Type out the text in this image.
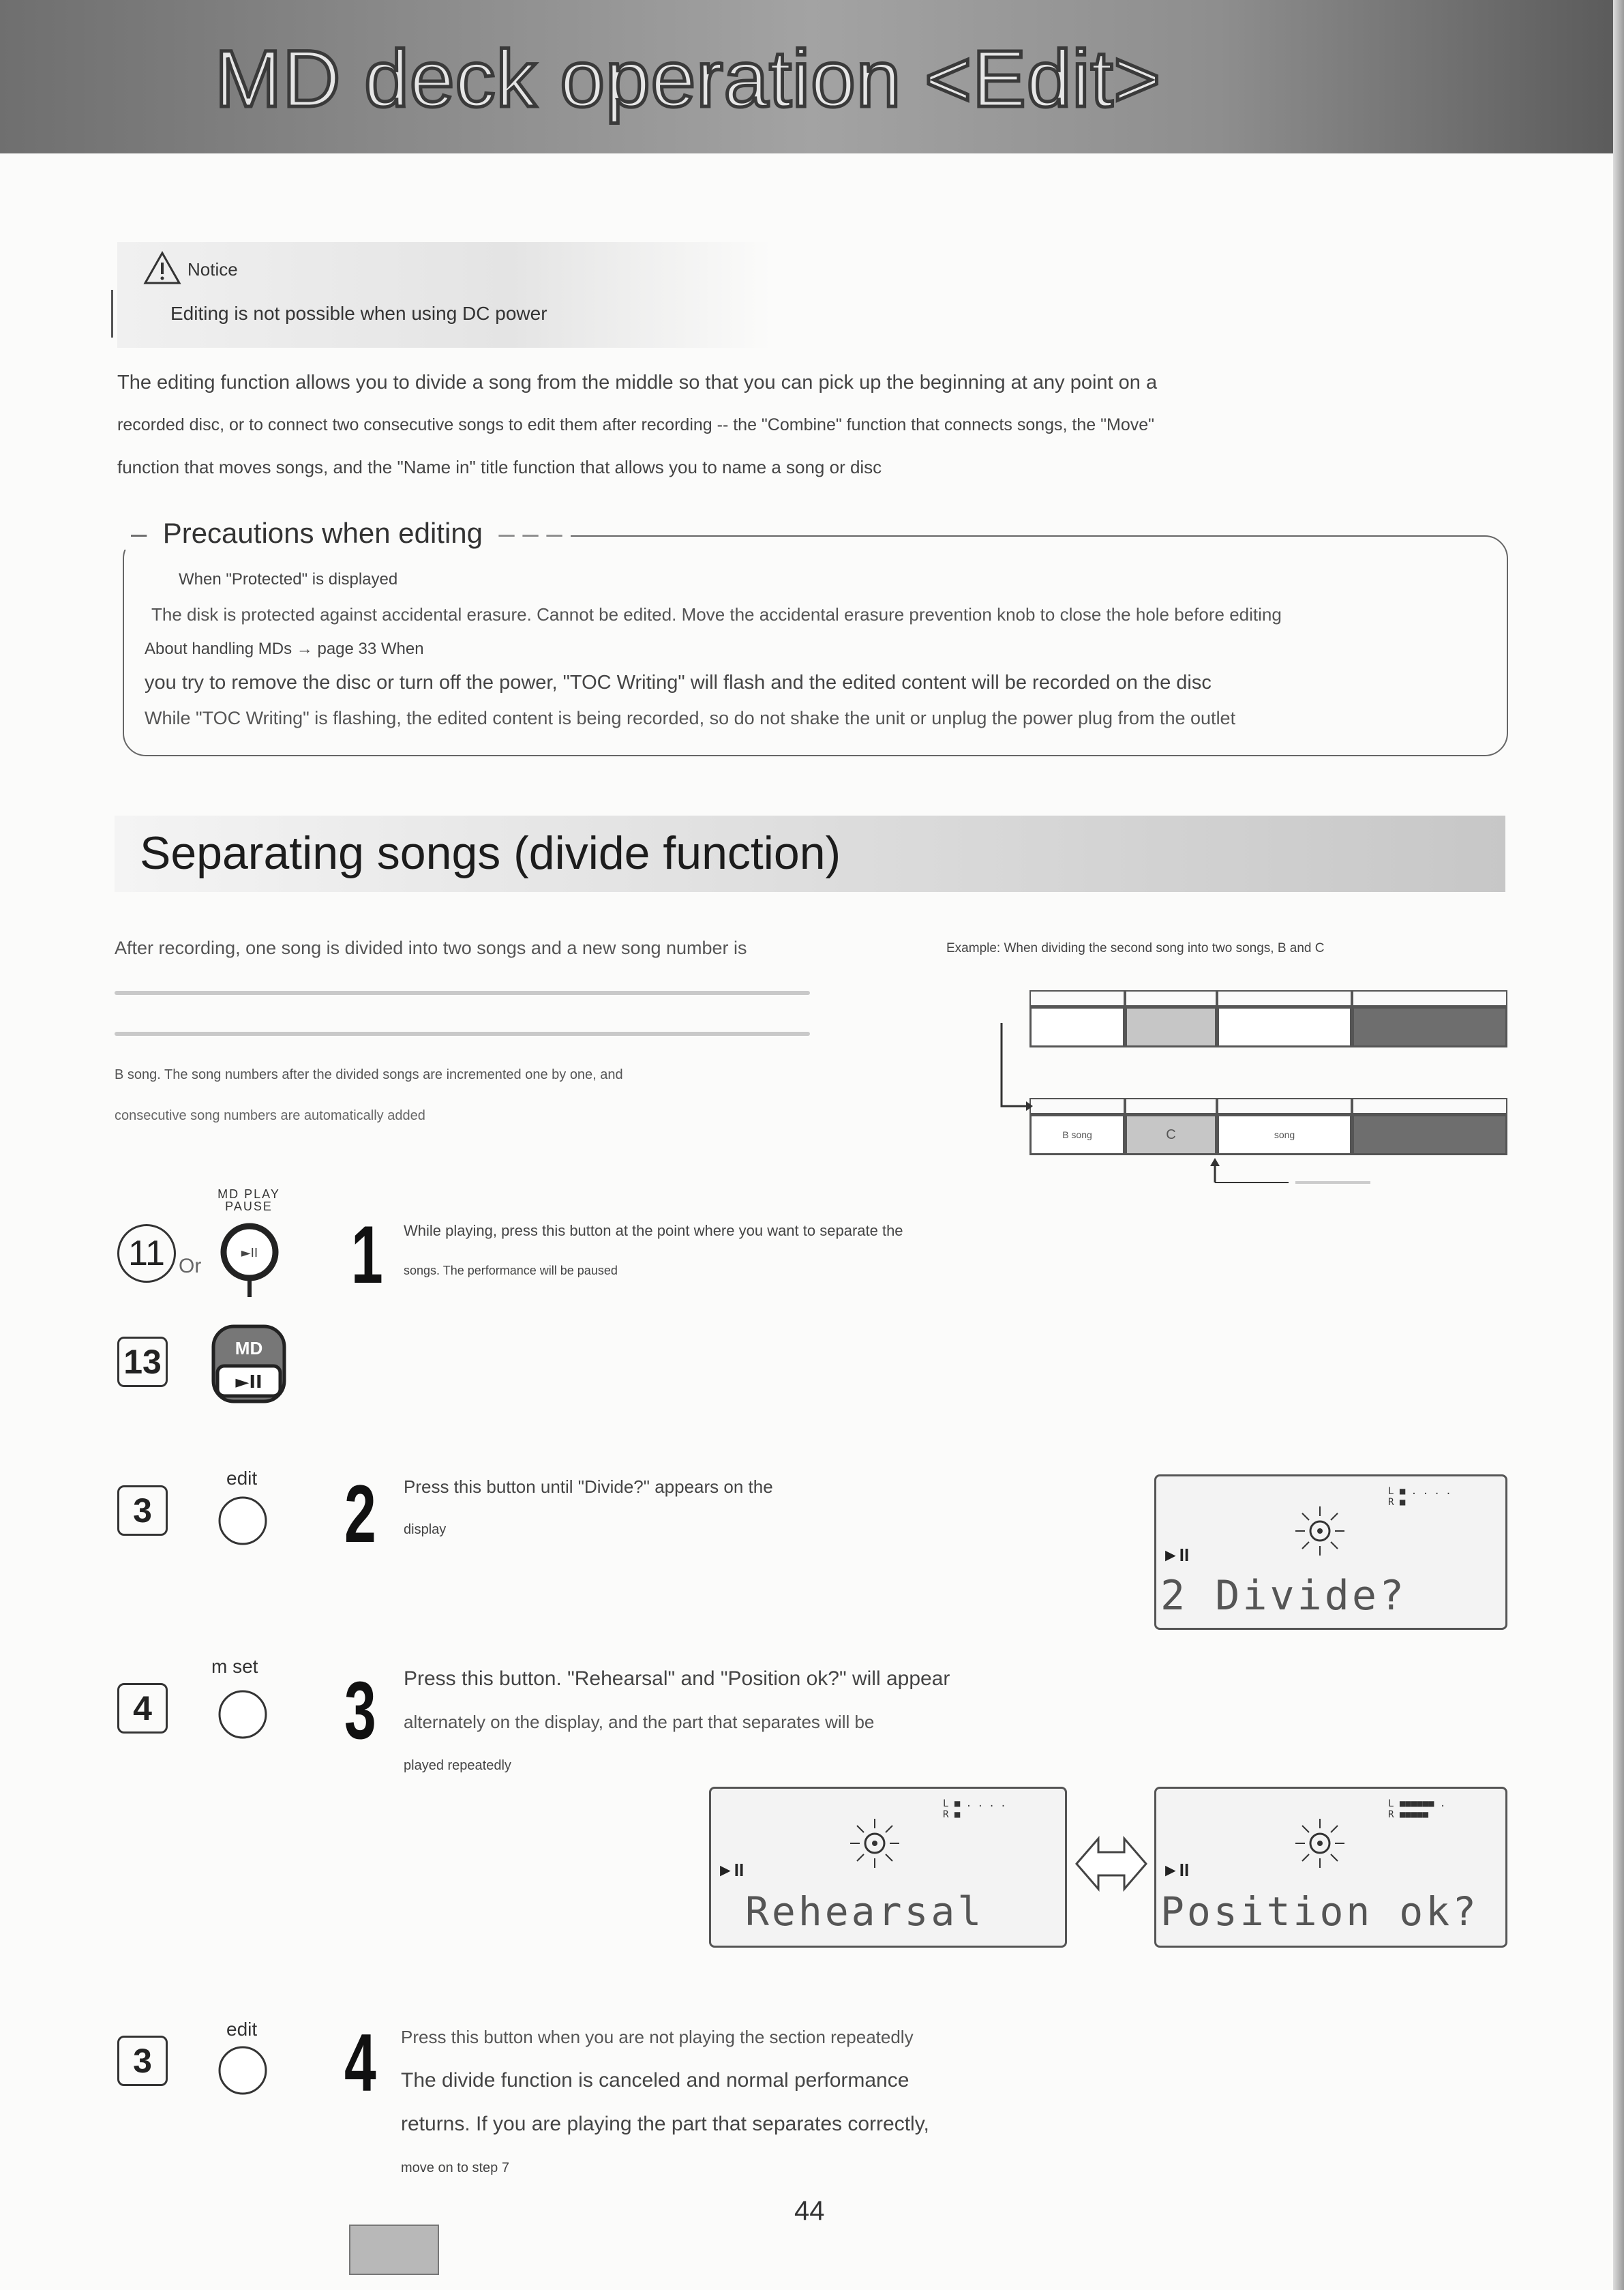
MD deck operation <Edit>
Notice
Editing is not possible when using DC power
The editing function allows you to divide a song from the middle so that you can pick up the beginning at any point on a
recorded disc, or to connect two consecutive songs to edit them after recording -- the "Combine" function that connects songs, the "Move"
function that moves songs, and the "Name in" title function that allows you to name a song or disc
–  Precautions when editing  – – –
When "Protected" is displayed
The disk is protected against accidental erasure. Cannot be edited. Move the accidental erasure prevention knob to close the hole before editing
About handling MDs → page 33 When
you try to remove the disc or turn off the power, "TOC Writing" will flash and the edited content will be recorded on the disc
While "TOC Writing" is flashing, the edited content is being recorded, so do not shake the unit or unplug the power plug from the outlet
Separating songs (divide function)
After recording, one song is divided into two songs and a new song number is
B song. The song numbers after the divided songs are incremented one by one, and
consecutive song numbers are automatically added
Example: When dividing the second song into two songs, B and C
B song	C	song
11
MD PLAY PAUSE
►II
Or
13
►II
MD
1 While playing, press this button at the point where you want to separate the
songs. The performance will be paused
3
edit 2 Press this button until "Divide?" appears on the
display
L ■ . . . .
R ■
►II
2 Divide?
4
m set 3 Press this button. "Rehearsal" and "Position ok?" will appear
alternately on the display, and the part that separates will be
played repeatedly
L ■ . . . .
R ■
►II
Rehearsal
L ■■■■■■ .
R ■■■■■
►II
Position ok?
3
edit 4 Press this button when you are not playing the section repeatedly
The divide function is canceled and normal performance
returns. If you are playing the part that separates correctly,
move on to step 7
44
